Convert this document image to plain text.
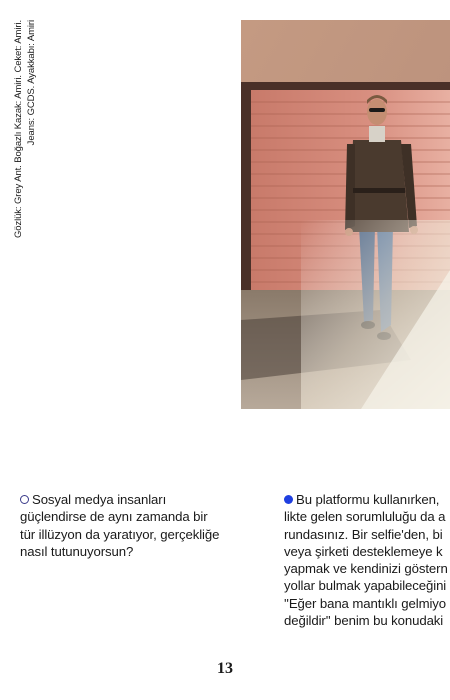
Gözlük: Grey Ant. Boğazlı Kazak: Amiri. Ceket: Amiri. Jeans: GCDS. Ayakkabı: Amiri
Sosyal medya insanları
güçlendirse de aynı zamanda bir
tür illüzyon da yaratıyor, gerçekliğe
nasıl tutunuyorsun?
Bu platformu kullanırken,
likte gelen sorumluluğu da a
rundasınız. Bir selfie'den, bi
veya şirketi desteklemeye k
yapmak ve kendinizi göstern
yollar bulmak yapabileceğini
''Eğer bana mantıklı gelmiyo
değildir'' benim bu konudaki
13
